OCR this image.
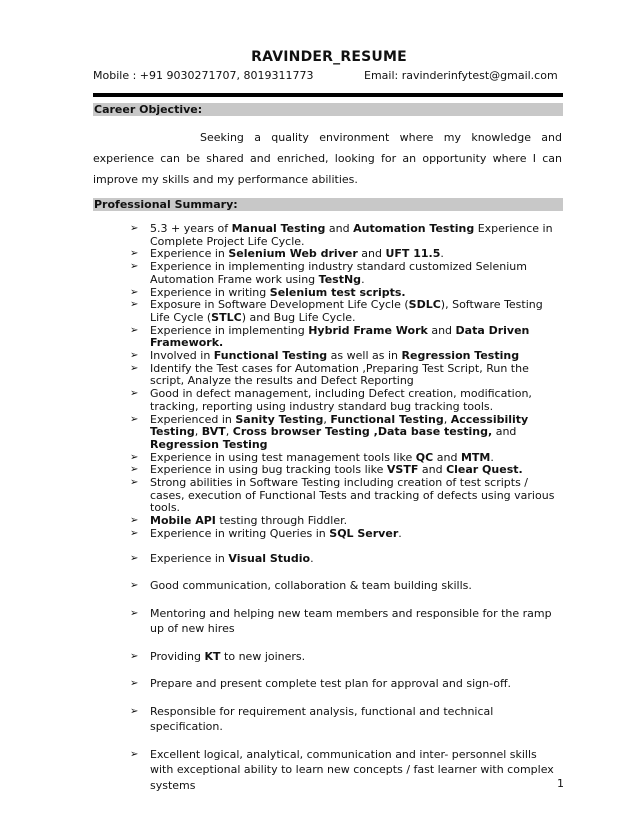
RAVINDER_RESUME
Mobile : +91 9030271707, 8019311773	Email: ravinderinfytest@gmail.com
Career Objective:

Seeking a quality environment where my knowledge and experience can be shared and enriched, looking for an opportunity where I can improve my skills and my performance abilities.

Professional Summary:
➢ 5.3 + years of Manual Testing and Automation Testing Experience in Complete Project Life Cycle.
➢ Experience in Selenium Web driver and UFT 11.5.
➢ Experience in implementing industry standard customized Selenium Automation Frame work using TestNg.
➢ Experience in writing Selenium test scripts.
➢ Exposure in Software Development Life Cycle (SDLC), Software Testing Life Cycle (STLC) and Bug Life Cycle.
➢ Experience in implementing Hybrid Frame Work and Data Driven Framework.
➢ Involved in Functional Testing as well as in Regression Testing
➢ Identify the Test cases for Automation ,Preparing Test Script, Run the script, Analyze the results and Defect Reporting
➢ Good in defect management, including Defect creation, modification, tracking, reporting using industry standard bug tracking tools.
➢ Experienced in Sanity Testing, Functional Testing, Accessibility Testing, BVT, Cross browser Testing ,Data base testing, and Regression Testing
➢ Experience in using test management tools like QC and MTM.
➢ Experience in using bug tracking tools like VSTF and Clear Quest.
➢ Strong abilities in Software Testing including creation of test scripts / cases, execution of Functional Tests and tracking of defects using various tools.
➢ Mobile API testing through Fiddler.
➢ Experience in writing Queries in SQL Server.
➢ Experience in Visual Studio.
➢ Good communication, collaboration & team building skills.
➢ Mentoring and helping new team members and responsible for the ramp up of new hires
➢ Providing KT to new joiners.
➢ Prepare and present complete test plan for approval and sign-off.
➢ Responsible for requirement analysis, functional and technical specification.
➢ Excellent logical, analytical, communication and inter- personnel skills with exceptional ability to learn new concepts / fast learner with complex systems	1
